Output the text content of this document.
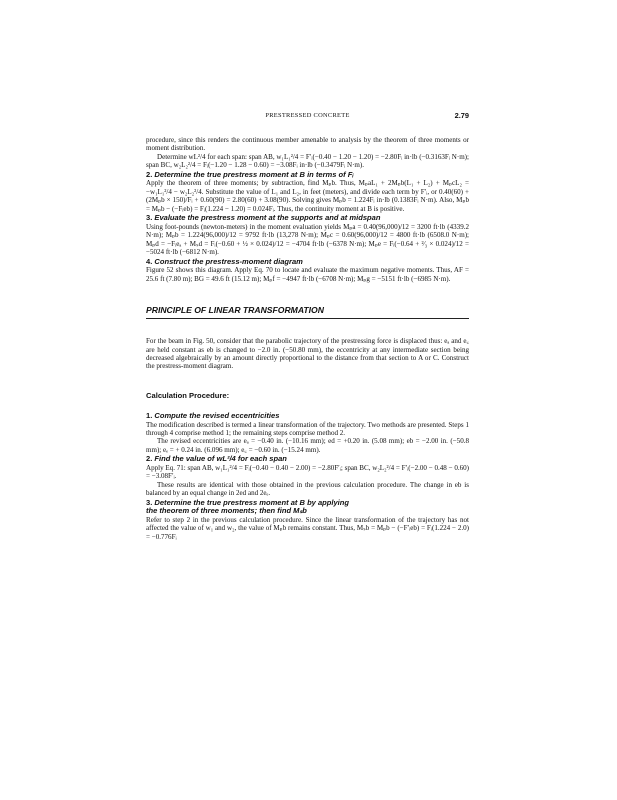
PRESTRESSED CONCRETE	2.79

procedure, since this renders the continuous member amenable to analysis by the theorem of three moments or moment distribution.

Determine wL²/4 for each span: span AB, w₁L₁²/4 = F′ᵢ(−0.40 − 1.20 − 1.20) = −2.80Fᵢ in·lb (−0.3163Fᵢ N·m); span BC, w₂L₂²/4 = Fᵢ(−1.20 − 1.28 − 0.60) = −3.08Fᵢ in·lb (−0.3479Fᵢ N·m).

2. Determine the true prestress moment at B in terms of Fᵢ

Apply the theorem of three moments; by subtraction, find Mₚb. Thus, MₚaL₁ + 2Mₚb(L₁ + L₂) + MₚcL₂ = −w₁L₁²/4 − w₂L₂²/4. Substitute the value of L₁ and L₂, in feet (meters), and divide each term by F′ᵢ, or 0.40(60) + (2Mₚb × 150)/Fᵢ + 0.60(90) = 2.80(60) + 3.08(90). Solving gives Mₚb = 1.224Fᵢ in·lb (0.1383Fᵢ N·m). Also, Mₚb = Mₚb − (−Fᵢeb) = Fᵢ(1.224 − 1.20) = 0.024Fᵢ. Thus, the continuity moment at B is positive.

3. Evaluate the prestress moment at the supports and at midspan

Using foot-pounds (newton-meters) in the moment evaluation yields Mₚa = 0.40(96,000)/12 = 3200 ft·lb (4339.2 N·m); Mₚb = 1.224(96,000)/12 = 9792 ft·lb (13,278 N·m); Mₚc = 0.60(96,000)/12 = 4800 ft·lb (6508.0 N·m); Mₚd = −Fᵢeₐ + Mₛd = Fᵢ(−0.60 + ½ × 0.024)/12 = −4704 ft·lb (−6378 N·m); Mₚe = Fᵢ(−0.64 + ²⁄₃ × 0.024)/12 = −5024 ft·lb (−6812 N·m).

4. Construct the prestress-moment diagram

Figure 52 shows this diagram. Apply Eq. 70 to locate and evaluate the maximum negative moments. Thus, AF = 25.6 ft (7.80 m); BG = 49.6 ft (15.12 m); Mₚf = −4947 ft·lb (−6708 N·m); Mₚg = −5151 ft·lb (−6985 N·m).

PRINCIPLE OF LINEAR TRANSFORMATION

For the beam in Fig. 50, consider that the parabolic trajectory of the prestressing force is displaced thus: eₐ and e꜀ are held constant as eb is changed to −2.0 in. (−50.80 mm), the eccentricity at any intermediate section being decreased algebraically by an amount directly proportional to the distance from that section to A or C. Construct the prestress-moment diagram.

Calculation Procedure:
1. Compute the revised eccentricities

The modification described is termed a linear transformation of the trajectory. Two methods are presented. Steps 1 through 4 comprise method 1; the remaining steps comprise method 2.

The revised eccentricities are eₐ = −0.40 in. (−10.16 mm); ed = +0.20 in. (5.08 mm); eb = −2.00 in. (−50.8 mm); eₑ = + 0.24 in. (6.096 mm); e꜀ = −0.60 in. (−15.24 mm).

2. Find the value of wL²/4 for each span

Apply Eq. 71: span AB, w₁L₁²/4 = Fᵢ(−0.40 − 0.40 − 2.00) = −2.80F′ᵢ; span BC, w₂L₂²/4 = F′ᵢ(−2.00 − 0.48 − 0.60) = −3.08F′ᵢ.

These results are identical with those obtained in the previous calculation procedure. The change in eb is balanced by an equal change in 2ed and 2eₑ.

3. Determine the true prestress moment at B by applying
the theorem of three moments; then find Mₛb

Refer to step 2 in the previous calculation procedure. Since the linear transformation of the trajectory has not affected the value of w₁ and w₂, the value of Mₚb remains constant. Thus, Mₛb = Mₚb − (−F′ᵢeb) = Fᵢ(1.224 − 2.0) = −0.776Fᵢ
